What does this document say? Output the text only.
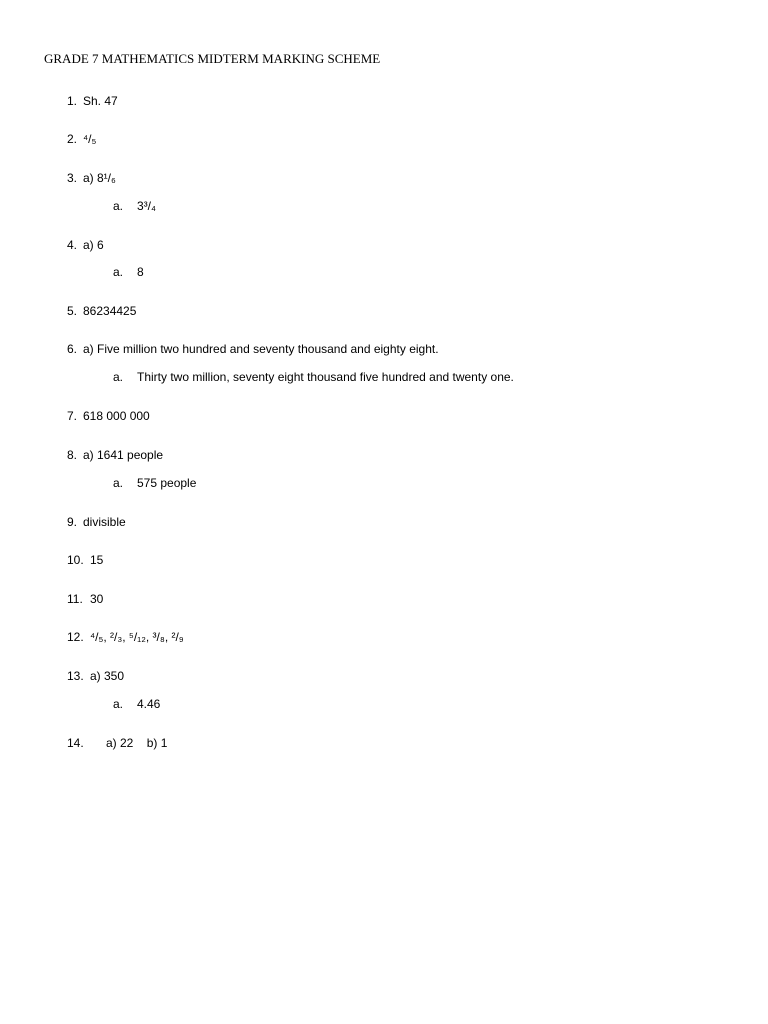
GRADE 7 MATHEMATICS MIDTERM MARKING SCHEME
1. Sh. 47
2. ⁴/₅
3. a) 8¹/₆
a. 3³/₄
4. a) 6
a. 8
5. 86234425
6. a) Five million two hundred and seventy thousand and eighty eight.
a. Thirty two million, seventy eight thousand five hundred and twenty one.
7. 618 000 000
8. a) 1641 people
a. 575 people
9. divisible
10. 15
11. 30
12. ⁴/₅, ²/₃, ⁵/₁₂, ³/₈, ²/₉
13. a) 350
a. 4.46
14. a) 22    b) 1
